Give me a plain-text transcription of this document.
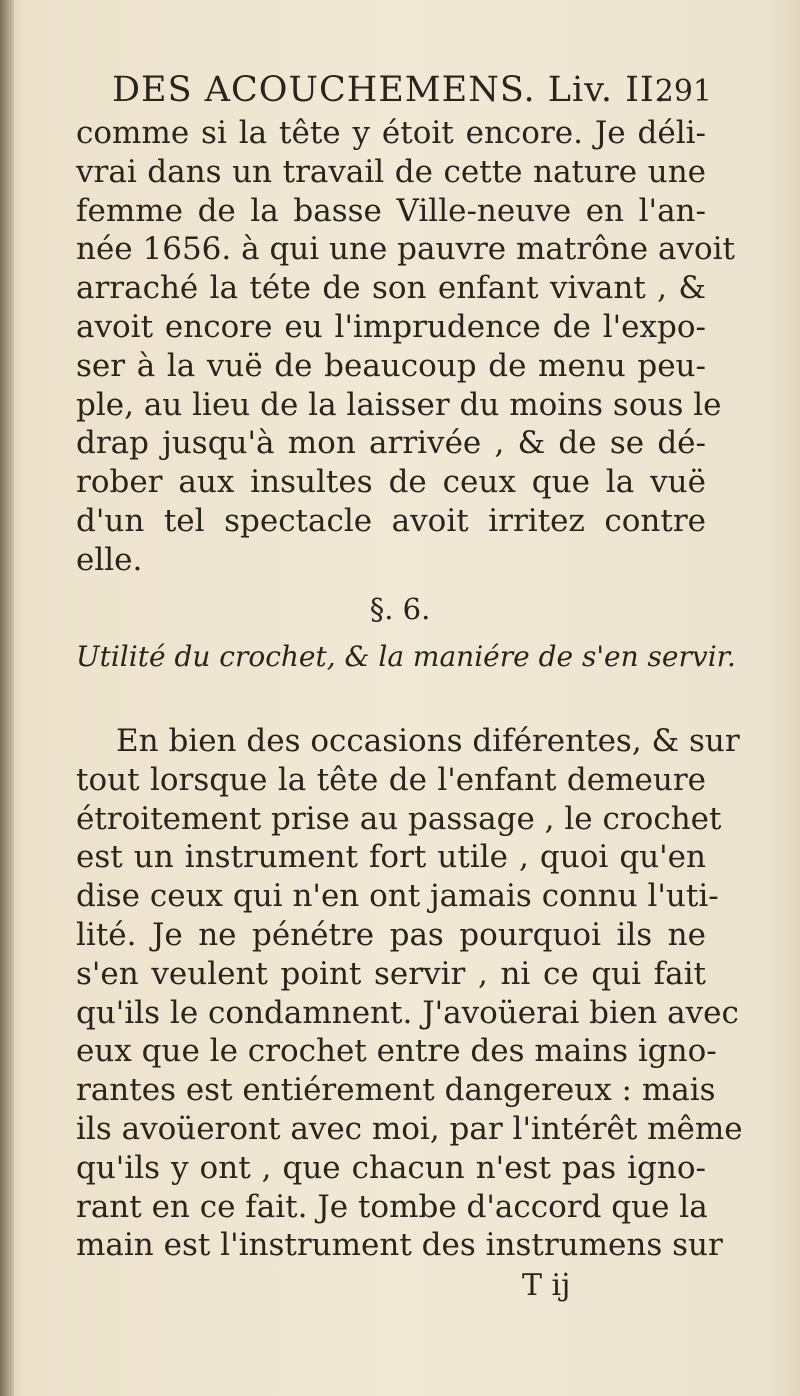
DES ACOUCHEMENS. Liv. II.
291
comme si la tête y étoit encore. Je déli-
vrai dans un travail de cette nature une
femme de la basse Ville-neuve en l'an-
née 1656. à qui une pauvre matrône avoit
arraché la téte de son enfant vivant , &
avoit encore eu l'imprudence de l'expo-
ser à la vuë de beaucoup de menu peu-
ple, au lieu de la laisser du moins sous le
drap jusqu'à mon arrivée , & de se dé-
rober aux insultes de ceux que la vuë
d'un tel spectacle avoit irritez contre
elle.
§. 6.
Utilité du crochet, & la maniére de s'en servir.
En bien des occasions diférentes, & sur
tout lorsque la tête de l'enfant demeure
étroitement prise au passage , le crochet
est un instrument fort utile , quoi qu'en
dise ceux qui n'en ont jamais connu l'uti-
lité. Je ne pénétre pas pourquoi ils ne
s'en veulent point servir , ni ce qui fait
qu'ils le condamnent. J'avoüerai bien avec
eux que le crochet entre des mains igno-
rantes est entiérement dangereux : mais
ils avoüeront avec moi, par l'intérêt même
qu'ils y ont , que chacun n'est pas igno-
rant en ce fait. Je tombe d'accord que la
main est l'instrument des instrumens sur
T ij
